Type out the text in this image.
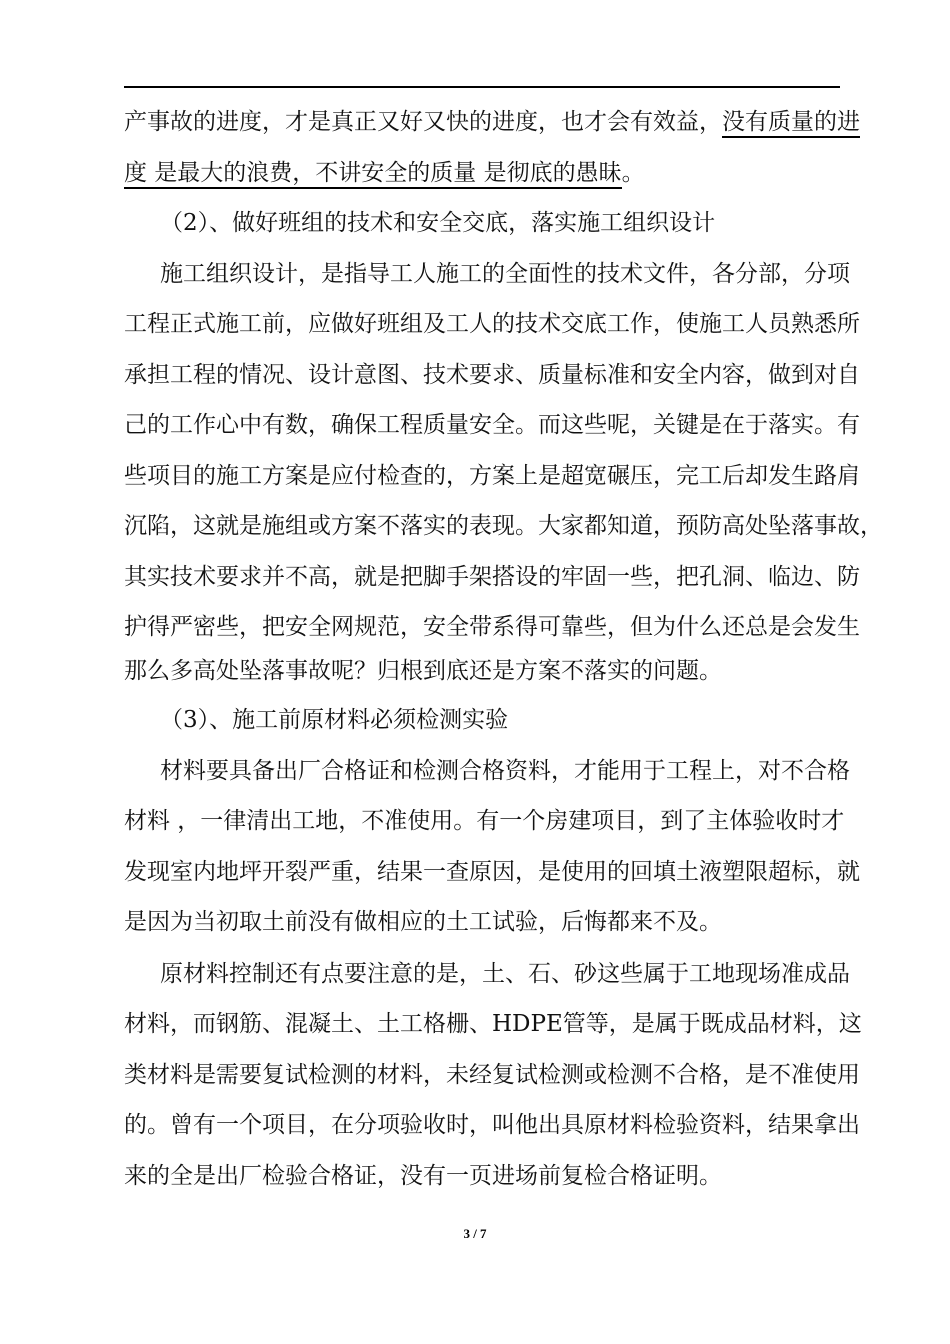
产事故的进度，才是真正又好又快的进度，也才会有效益，没有质量的进
度 是最大的浪费，不讲安全的质量 是彻底的愚昧。
（2）、做好班组的技术和安全交底，落实施工组织设计
施工组织设计，是指导工人施工的全面性的技术文件，各分部，分项
工程正式施工前，应做好班组及工人的技术交底工作，使施工人员熟悉所
承担工程的情况、设计意图、技术要求、质量标准和安全内容，做到对自
己的工作心中有数，确保工程质量安全。而这些呢，关键是在于落实。有
些项目的施工方案是应付检查的，方案上是超宽碾压，完工后却发生路肩
沉陷，这就是施组或方案不落实的表现。大家都知道，预防高处坠落事故，
其实技术要求并不高，就是把脚手架搭设的牢固一些，把孔洞、临边、防
护得严密些，把安全网规范，安全带系得可靠些，但为什么还总是会发生
那么多高处坠落事故呢？归根到底还是方案不落实的问题。
（3）、施工前原材料必须检测实验
材料要具备出厂合格证和检测合格资料，才能用于工程上，对不合格
材料 ，一律清出工地，不准使用。有一个房建项目，到了主体验收时才
发现室内地坪开裂严重，结果一查原因，是使用的回填土液塑限超标，就
是因为当初取土前没有做相应的土工试验，后悔都来不及。
原材料控制还有点要注意的是，土、石、砂这些属于工地现场准成品
材料，而钢筋、混凝土、土工格栅、HDPE管等，是属于既成品材料，这
类材料是需要复试检测的材料，未经复试检测或检测不合格，是不准使用
的。曾有一个项目，在分项验收时，叫他出具原材料检验资料，结果拿出
来的全是出厂检验合格证，没有一页进场前复检合格证明。
3 / 7
